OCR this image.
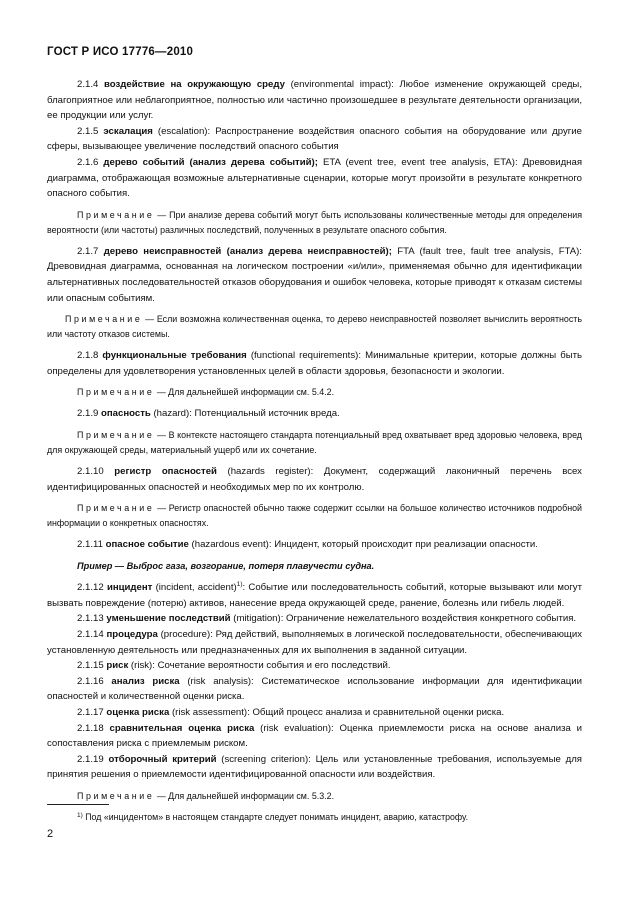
ГОСТ Р ИСО 17776—2010

2.1.4 воздействие на окружающую среду (environmental impact): Любое изменение окружающей среды, благоприятное или неблагоприятное, полностью или частично произошедшее в результате деятельности организации, ее продукции или услуг.

2.1.5 эскалация (escalation): Распространение воздействия опасного события на оборудование или другие сферы, вызывающее увеличение последствий опасного события

2.1.6 дерево событий (анализ дерева событий); ETA (event tree, event tree analysis, ETA): Древовидная диаграмма, отображающая возможные альтернативные сценарии, которые могут произойти в результате конкретного опасного события.

Примечание — При анализе дерева событий могут быть использованы количественные методы для определения вероятности (или частоты) различных последствий, полученных в результате опасного события.

2.1.7 дерево неисправностей (анализ дерева неисправностей); FTA (fault tree, fault tree analysis, FTA): Древовидная диаграмма, основанная на логическом построении «и/или», применяемая обычно для идентификации альтернативных последовательностей отказов оборудования и ошибок человека, которые приводят к отказам системы или опасным событиям.

Примечание — Если возможна количественная оценка, то дерево неисправностей позволяет вычислить вероятность или частоту отказов системы.

2.1.8 функциональные требования (functional requirements): Минимальные критерии, которые должны быть определены для удовлетворения установленных целей в области здоровья, безопасности и экологии.

Примечание — Для дальнейшей информации см. 5.4.2.

2.1.9 опасность (hazard): Потенциальный источник вреда.

Примечание — В контексте настоящего стандарта потенциальный вред охватывает вред здоровью человека, вред для окружающей среды, материальный ущерб или их сочетание.

2.1.10 регистр опасностей (hazards register): Документ, содержащий лаконичный перечень всех идентифицированных опасностей и необходимых мер по их контролю.

Примечание — Регистр опасностей обычно также содержит ссылки на большое количество источников подробной информации о конкретных опасностях.

2.1.11 опасное событие (hazardous event): Инцидент, который происходит при реализации опасности.

Пример — Выброс газа, возгорание, потеря плавучести судна.

2.1.12 инцидент (incident, accident)$^{1)}$: Событие или последовательность событий, которые вызывают или могут вызвать повреждение (потерю) активов, нанесение вреда окружающей среде, ранение, болезнь или гибель людей.

2.1.13 уменьшение последствий (mitigation): Ограничение нежелательного воздействия конкретного события.

2.1.14 процедура (procedure): Ряд действий, выполняемых в логической последовательности, обеспечивающих установленную деятельность или предназначенных для их выполнения в заданной ситуации.

2.1.15 риск (risk): Сочетание вероятности события и его последствий.

2.1.16 анализ риска (risk analysis): Систематическое использование информации для идентификации опасностей и количественной оценки риска.

2.1.17 оценка риска (risk assessment): Общий процесс анализа и сравнительной оценки риска.

2.1.18 сравнительная оценка риска (risk evaluation): Оценка приемлемости риска на основе анализа и сопоставления риска с приемлемым риском.

2.1.19 отборочный критерий (screening criterion): Цель или установленные требования, используемые для принятия решения о приемлемости идентифицированной опасности или воздействия.

Примечание — Для дальнейшей информации см. 5.3.2.

$^{1)}$ Под «инцидентом» в настоящем стандарте следует понимать инцидент, аварию, катастрофу.
2
